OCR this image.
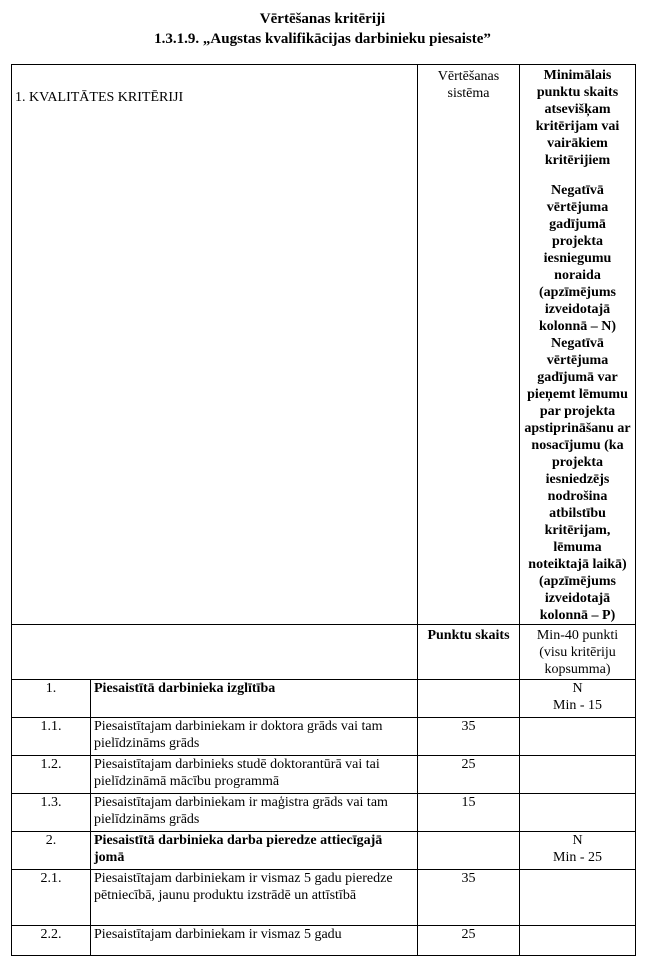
Vērtēšanas kritēriji
1.3.1.9. „Augstas kvalifikācijas darbinieku piesaiste”
1. KVALITĀTES KRITĒRIJI		Vērtēšanas sistēma	Minimālais punktu skaits atsevišķam kritērijam vai vairākiem kritērijiem
Negatīvā vērtējuma gadījumā projekta iesniegumu noraida (apzīmējums izveidotajā kolonnā – N)
Negatīvā vērtējuma gadījumā var pieņemt lēmumu par projekta apstiprināšanu ar nosacījumu (ka projekta iesniedzējs nodrošina atbilstību kritērijam, lēmuma noteiktajā laikā) (apzīmējums izveidotajā kolonnā – P)

		Punktu skaits	Min-40 punkti (visu kritēriju kopsumma)

1.	Piesaistītā darbinieka izglītība		N
Min - 15

1.1.	Piesaistītajam darbiniekam ir doktora grāds vai tam pielīdzināms grāds	35	
1.2.	Piesaistītajam darbinieks studē doktorantūrā vai tai pielīdzināmā mācību programmā	25	
1.3.	Piesaistītajam darbiniekam ir maģistra grāds vai tam pielīdzināms grāds	15	
2.	Piesaistītā darbinieka darba pieredze attiecīgajā jomā		N
Min - 25

2.1.	Piesaistītajam darbiniekam ir vismaz 5 gadu pieredze pētniecībā, jaunu produktu izstrādē un attīstībā	35	
2.2.	Piesaistītajam darbiniekam ir vismaz 5 gadu	25	
